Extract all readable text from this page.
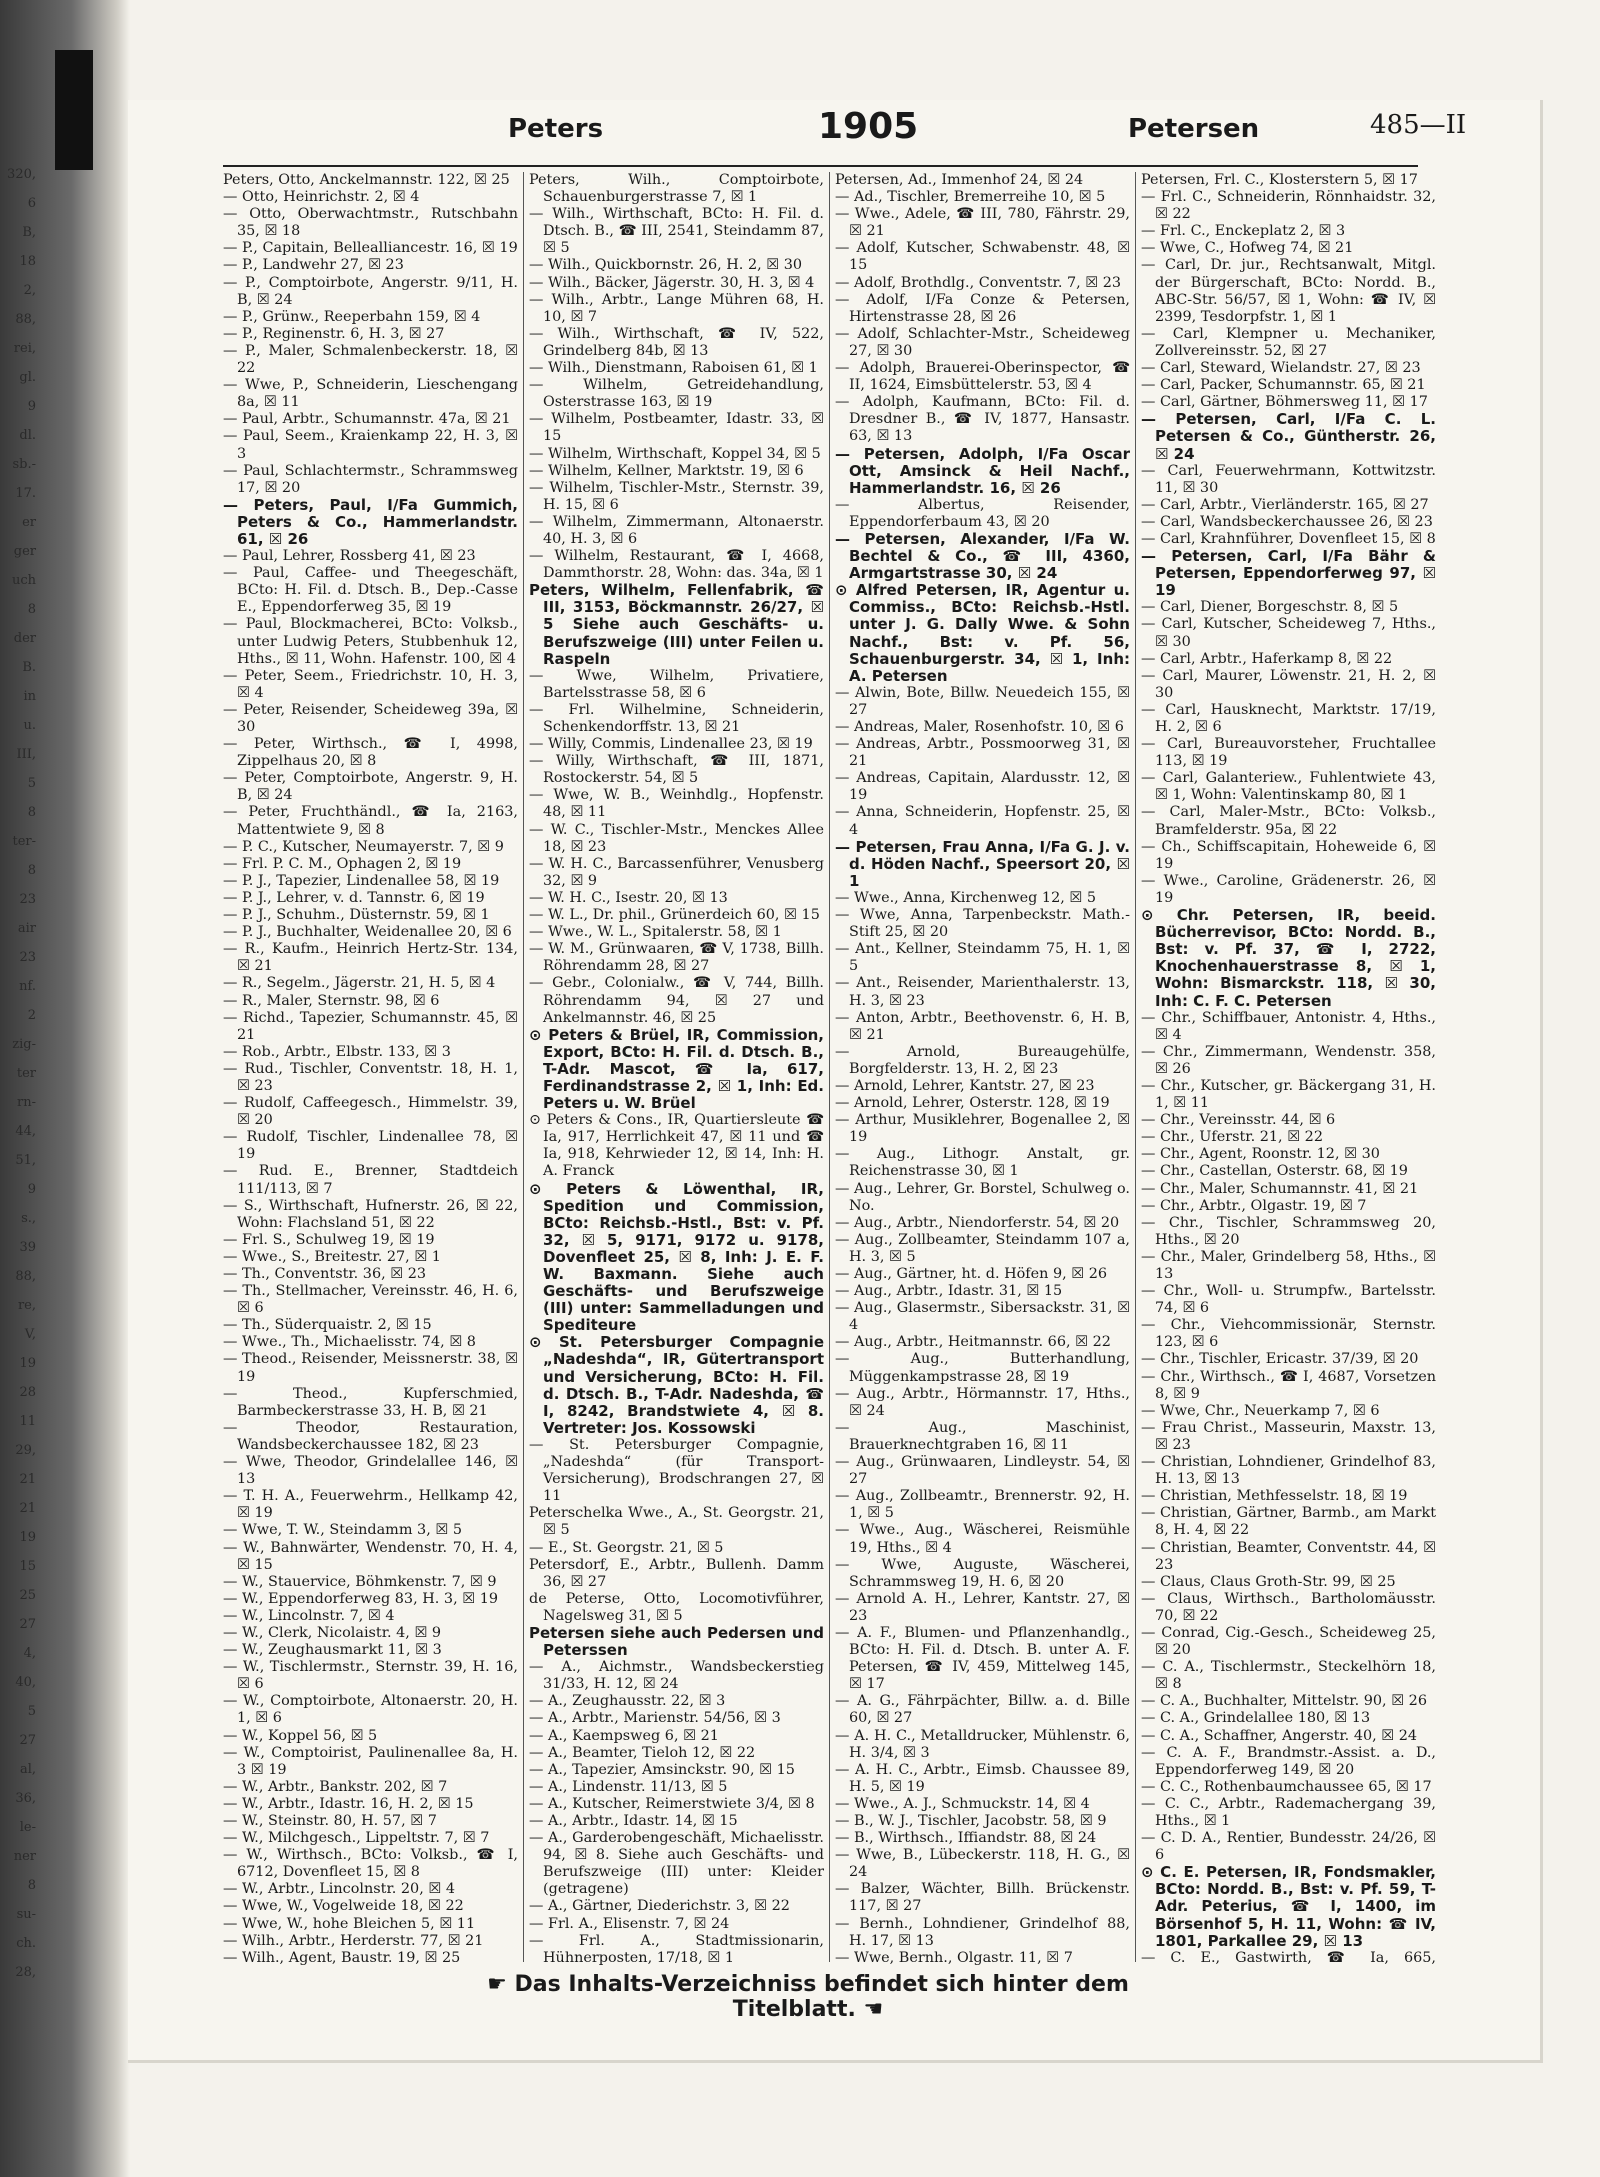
320,
6
B,
18
2,
88,
rei,
gl.
9
dl.
sb.-
17.
er
ger
uch
8
der
B.
in
u.
III,
5
8
ter-
8
23
air
23
nf.
2
zig-
ter
rn-
44,
51,
9
s.,
39
88,
re,
V,
19
28
11
29,
21
21
19
15
25
27
4,
40,
5
27
al,
36,
le-
ner
8
su-
ch.
28,
Peters	1905	Petersen	485—II

Peters, Otto, Anckelmannstr. 122, ☒ 25

— Otto, Heinrichstr. 2, ☒ 4

— Otto, Oberwachtmstr., Rutschbahn 35, ☒ 18

— P., Capitain, Bellealliancestr. 16, ☒ 19

— P., Landwehr 27, ☒ 23

— P., Comptoirbote, Angerstr. 9/11, H. B, ☒ 24

— P., Grünw., Reeperbahn 159, ☒ 4

— P., Reginenstr. 6, H. 3, ☒ 27

— P., Maler, Schmalenbeckerstr. 18, ☒ 22

— Wwe, P., Schneiderin, Lieschengang 8a, ☒ 11

— Paul, Arbtr., Schumannstr. 47a, ☒ 21

— Paul, Seem., Kraienkamp 22, H. 3, ☒ 3

— Paul, Schlachtermstr., Schrammsweg 17, ☒ 20

— Peters, Paul, I/Fa Gummich, Peters & Co., Hammerlandstr. 61, ☒ 26

— Paul, Lehrer, Rossberg 41, ☒ 23

— Paul, Caffee- und Theegeschäft, BCto: H. Fil. d. Dtsch. B., Dep.-Casse E., Eppendorferweg 35, ☒ 19

— Paul, Blockmacherei, BCto: Volksb., unter Ludwig Peters, Stubbenhuk 12, Hths., ☒ 11, Wohn. Hafenstr. 100, ☒ 4

— Peter, Seem., Friedrichstr. 10, H. 3, ☒ 4

— Peter, Reisender, Scheideweg 39a, ☒ 30

— Peter, Wirthsch., ☎ I, 4998, Zippelhaus 20, ☒ 8

— Peter, Comptoirbote, Angerstr. 9, H. B, ☒ 24

— Peter, Fruchthändl., ☎ Ia, 2163, Mattentwiete 9, ☒ 8

— P. C., Kutscher, Neumayerstr. 7, ☒ 9

— Frl. P. C. M., Ophagen 2, ☒ 19

— P. J., Tapezier, Lindenallee 58, ☒ 19

— P. J., Lehrer, v. d. Tannstr. 6, ☒ 19

— P. J., Schuhm., Düsternstr. 59, ☒ 1

— P. J., Buchhalter, Weidenallee 20, ☒ 6

— R., Kaufm., Heinrich Hertz-Str. 134, ☒ 21

— R., Segelm., Jägerstr. 21, H. 5, ☒ 4

— R., Maler, Sternstr. 98, ☒ 6

— Richd., Tapezier, Schumannstr. 45, ☒ 21

— Rob., Arbtr., Elbstr. 133, ☒ 3

— Rud., Tischler, Conventstr. 18, H. 1, ☒ 23

— Rudolf, Caffeegesch., Himmelstr. 39, ☒ 20

— Rudolf, Tischler, Lindenallee 78, ☒ 19

— Rud. E., Brenner, Stadtdeich 111/113, ☒ 7

— S., Wirthschaft, Hufnerstr. 26, ☒ 22, Wohn: Flachsland 51, ☒ 22

— Frl. S., Schulweg 19, ☒ 19

— Wwe., S., Breitestr. 27, ☒ 1

— Th., Conventstr. 36, ☒ 23

— Th., Stellmacher, Vereinsstr. 46, H. 6, ☒ 6

— Th., Süderquaistr. 2, ☒ 15

— Wwe., Th., Michaelisstr. 74, ☒ 8

— Theod., Reisender, Meissnerstr. 38, ☒ 19

— Theod., Kupferschmied, Barmbeckerstrasse 33, H. B, ☒ 21

— Theodor, Restauration, Wandsbeckerchaussee 182, ☒ 23

— Wwe, Theodor, Grindelallee 146, ☒ 13

— T. H. A., Feuerwehrm., Hellkamp 42, ☒ 19

— Wwe, T. W., Steindamm 3, ☒ 5

— W., Bahnwärter, Wendenstr. 70, H. 4, ☒ 15

— W., Stauervice, Böhmkenstr. 7, ☒ 9

— W., Eppendorferweg 83, H. 3, ☒ 19

— W., Lincolnstr. 7, ☒ 4

— W., Clerk, Nicolaistr. 4, ☒ 9

— W., Zeughausmarkt 11, ☒ 3

— W., Tischlermstr., Sternstr. 39, H. 16, ☒ 6

— W., Comptoirbote, Altonaerstr. 20, H. 1, ☒ 6

— W., Koppel 56, ☒ 5

— W., Comptoirist, Paulinenallee 8a, H. 3 ☒ 19

— W., Arbtr., Bankstr. 202, ☒ 7

— W., Arbtr., Idastr. 16, H. 2, ☒ 15

— W., Steinstr. 80, H. 57, ☒ 7

— W., Milchgesch., Lippeltstr. 7, ☒ 7

— W., Wirthsch., BCto: Volksb., ☎ I, 6712, Dovenfleet 15, ☒ 8

— W., Arbtr., Lincolnstr. 20, ☒ 4

— Wwe, W., Vogelweide 18, ☒ 22

— Wwe, W., hohe Bleichen 5, ☒ 11

— Wilh., Arbtr., Herderstr. 77, ☒ 21

— Wilh., Agent, Baustr. 19, ☒ 25

Peters, Wilh., Comptoirbote, Schauenburgerstrasse 7, ☒ 1

— Wilh., Wirthschaft, BCto: H. Fil. d. Dtsch. B., ☎ III, 2541, Steindamm 87, ☒ 5

— Wilh., Quickbornstr. 26, H. 2, ☒ 30

— Wilh., Bäcker, Jägerstr. 30, H. 3, ☒ 4

— Wilh., Arbtr., Lange Mühren 68, H. 10, ☒ 7

— Wilh., Wirthschaft, ☎ IV, 522, Grindelberg 84b, ☒ 13

— Wilh., Dienstmann, Raboisen 61, ☒ 1

— Wilhelm, Getreidehandlung, Osterstrasse 163, ☒ 19

— Wilhelm, Postbeamter, Idastr. 33, ☒ 15

— Wilhelm, Wirthschaft, Koppel 34, ☒ 5

— Wilhelm, Kellner, Marktstr. 19, ☒ 6

— Wilhelm, Tischler-Mstr., Sternstr. 39, H. 15, ☒ 6

— Wilhelm, Zimmermann, Altonaerstr. 40, H. 3, ☒ 6

— Wilhelm, Restaurant, ☎ I, 4668, Dammthorstr. 28, Wohn: das. 34a, ☒ 1

Peters, Wilhelm, Fellenfabrik, ☎ III, 3153, Böckmannstr. 26/27, ☒ 5 Siehe auch Geschäfts- u. Berufszweige (III) unter Feilen u. Raspeln

— Wwe, Wilhelm, Privatiere, Bartelsstrasse 58, ☒ 6

— Frl. Wilhelmine, Schneiderin, Schenkendorffstr. 13, ☒ 21

— Willy, Commis, Lindenallee 23, ☒ 19

— Willy, Wirthschaft, ☎ III, 1871, Rostockerstr. 54, ☒ 5

— Wwe, W. B., Weinhdlg., Hopfenstr. 48, ☒ 11

— W. C., Tischler-Mstr., Menckes Allee 18, ☒ 23

— W. H. C., Barcassenführer, Venusberg 32, ☒ 9

— W. H. C., Isestr. 20, ☒ 13

— W. L., Dr. phil., Grünerdeich 60, ☒ 15

— Wwe., W. L., Spitalerstr. 58, ☒ 1

— W. M., Grünwaaren, ☎ V, 1738, Billh. Röhrendamm 28, ☒ 27

— Gebr., Colonialw., ☎ V, 744, Billh. Röhrendamm 94, ☒ 27 und Ankelmannstr. 46, ☒ 25

⊙ Peters & Brüel, IR, Commission, Export, BCto: H. Fil. d. Dtsch. B., T-Adr. Mascot, ☎ Ia, 617, Ferdinandstrasse 2, ☒ 1, Inh: Ed. Peters u. W. Brüel

⊙ Peters & Cons., IR, Quartiersleute ☎ Ia, 917, Herrlichkeit 47, ☒ 11 und ☎ Ia, 918, Kehrwieder 12, ☒ 14, Inh: H. A. Franck

⊙ Peters & Löwenthal, IR, Spedition und Commission, BCto: Reichsb.-Hstl., Bst: v. Pf. 32, ☒ 5, 9171, 9172 u. 9178, Dovenfleet 25, ☒ 8, Inh: J. E. F. W. Baxmann. Siehe auch Geschäfts- und Berufszweige (III) unter: Sammelladungen und Spediteure

⊙ St. Petersburger Compagnie „Nadeshda“, IR, Gütertransport und Versicherung, BCto: H. Fil. d. Dtsch. B., T-Adr. Nadeshda, ☎ I, 8242, Brandstwiete 4, ☒ 8. Vertreter: Jos. Kossowski

— St. Petersburger Compagnie, „Nadeshda“ (für Transport-Versicherung), Brodschrangen 27, ☒ 11

Peterschelka Wwe., A., St. Georgstr. 21, ☒ 5

— E., St. Georgstr. 21, ☒ 5

Petersdorf, E., Arbtr., Bullenh. Damm 36, ☒ 27

de Peterse, Otto, Locomotivführer, Nagelsweg 31, ☒ 5

Petersen siehe auch Pedersen und Peterssen

— A., Aichmstr., Wandsbeckerstieg 31/33, H. 12, ☒ 24

— A., Zeughausstr. 22, ☒ 3

— A., Arbtr., Marienstr. 54/56, ☒ 3

— A., Kaempsweg 6, ☒ 21

— A., Beamter, Tieloh 12, ☒ 22

— A., Tapezier, Amsinckstr. 90, ☒ 15

— A., Lindenstr. 11/13, ☒ 5

— A., Kutscher, Reimerstwiete 3/4, ☒ 8

— A., Arbtr., Idastr. 14, ☒ 15

— A., Garderobengeschäft, Michaelisstr. 94, ☒ 8. Siehe auch Geschäfts- und Berufszweige (III) unter: Kleider (getragene)

— A., Gärtner, Diederichstr. 3, ☒ 22

— Frl. A., Elisenstr. 7, ☒ 24

— Frl. A., Stadtmissionarin, Hühnerposten, 17/18, ☒ 1

Petersen, Ad., Immenhof 24, ☒ 24

— Ad., Tischler, Bremerreihe 10, ☒ 5

— Wwe., Adele, ☎ III, 780, Fährstr. 29, ☒ 21

— Adolf, Kutscher, Schwabenstr. 48, ☒ 15

— Adolf, Brothdlg., Conventstr. 7, ☒ 23

— Adolf, I/Fa Conze & Petersen, Hirtenstrasse 28, ☒ 26

— Adolf, Schlachter-Mstr., Scheideweg 27, ☒ 30

— Adolph, Brauerei-Oberinspector, ☎ II, 1624, Eimsbüttelerstr. 53, ☒ 4

— Adolph, Kaufmann, BCto: Fil. d. Dresdner B., ☎ IV, 1877, Hansastr. 63, ☒ 13

— Petersen, Adolph, I/Fa Oscar Ott, Amsinck & Heil Nachf., Hammerlandstr. 16, ☒ 26

— Albertus, Reisender, Eppendorferbaum 43, ☒ 20

— Petersen, Alexander, I/Fa W. Bechtel & Co., ☎ III, 4360, Armgartstrasse 30, ☒ 24

⊙ Alfred Petersen, IR, Agentur u. Commiss., BCto: Reichsb.-Hstl. unter J. G. Dally Wwe. & Sohn Nachf., Bst: v. Pf. 56, Schauenburgerstr. 34, ☒ 1, Inh: A. Petersen

— Alwin, Bote, Billw. Neuedeich 155, ☒ 27

— Andreas, Maler, Rosenhofstr. 10, ☒ 6

— Andreas, Arbtr., Possmoorweg 31, ☒ 21

— Andreas, Capitain, Alardusstr. 12, ☒ 19

— Anna, Schneiderin, Hopfenstr. 25, ☒ 4

— Petersen, Frau Anna, I/Fa G. J. v. d. Höden Nachf., Speersort 20, ☒ 1

— Wwe., Anna, Kirchenweg 12, ☒ 5

— Wwe, Anna, Tarpenbeckstr. Math.-Stift 25, ☒ 20

— Ant., Kellner, Steindamm 75, H. 1, ☒ 5

— Ant., Reisender, Marienthalerstr. 13, H. 3, ☒ 23

— Anton, Arbtr., Beethovenstr. 6, H. B, ☒ 21

— Arnold, Bureaugehülfe, Borgfelderstr. 13, H. 2, ☒ 23

— Arnold, Lehrer, Kantstr. 27, ☒ 23

— Arnold, Lehrer, Osterstr. 128, ☒ 19

— Arthur, Musiklehrer, Bogenallee 2, ☒ 19

— Aug., Lithogr. Anstalt, gr. Reichenstrasse 30, ☒ 1

— Aug., Lehrer, Gr. Borstel, Schulweg o. No.

— Aug., Arbtr., Niendorferstr. 54, ☒ 20

— Aug., Zollbeamter, Steindamm 107 a, H. 3, ☒ 5

— Aug., Gärtner, ht. d. Höfen 9, ☒ 26

— Aug., Arbtr., Idastr. 31, ☒ 15

— Aug., Glasermstr., Sibersackstr. 31, ☒ 4

— Aug., Arbtr., Heitmannstr. 66, ☒ 22

— Aug., Butterhandlung, Müggenkampstrasse 28, ☒ 19

— Aug., Arbtr., Hörmannstr. 17, Hths., ☒ 24

— Aug., Maschinist, Brauerknechtgraben 16, ☒ 11

— Aug., Grünwaaren, Lindleystr. 54, ☒ 27

— Aug., Zollbeamtr., Brennerstr. 92, H. 1, ☒ 5

— Wwe., Aug., Wäscherei, Reismühle 19, Hths., ☒ 4

— Wwe, Auguste, Wäscherei, Schrammsweg 19, H. 6, ☒ 20

— Arnold A. H., Lehrer, Kantstr. 27, ☒ 23

— A. F., Blumen- und Pflanzenhandlg., BCto: H. Fil. d. Dtsch. B. unter A. F. Petersen, ☎ IV, 459, Mittelweg 145, ☒ 17

— A. G., Fährpächter, Billw. a. d. Bille 60, ☒ 27

— A. H. C., Metalldrucker, Mühlenstr. 6, H. 3/4, ☒ 3

— A. H. C., Arbtr., Eimsb. Chaussee 89, H. 5, ☒ 19

— Wwe., A. J., Schmuckstr. 14, ☒ 4

— B., W. J., Tischler, Jacobstr. 58, ☒ 9

— B., Wirthsch., Iffiandstr. 88, ☒ 24

— Wwe, B., Lübeckerstr. 118, H. G., ☒ 24

— Balzer, Wächter, Billh. Brückenstr. 117, ☒ 27

— Bernh., Lohndiener, Grindelhof 88, H. 17, ☒ 13

— Wwe, Bernh., Olgastr. 11, ☒ 7

Petersen, Frl. C., Klosterstern 5, ☒ 17

— Frl. C., Schneiderin, Rönnhaidstr. 32, ☒ 22

— Frl. C., Enckeplatz 2, ☒ 3

— Wwe, C., Hofweg 74, ☒ 21

— Carl, Dr. jur., Rechtsanwalt, Mitgl. der Bürgerschaft, BCto: Nordd. B., ABC-Str. 56/57, ☒ 1, Wohn: ☎ IV, ☒ 2399, Tesdorpfstr. 1, ☒ 1

— Carl, Klempner u. Mechaniker, Zollvereinsstr. 52, ☒ 27

— Carl, Steward, Wielandstr. 27, ☒ 23

— Carl, Packer, Schumannstr. 65, ☒ 21

— Carl, Gärtner, Böhmersweg 11, ☒ 17

— Petersen, Carl, I/Fa C. L. Petersen & Co., Güntherstr. 26, ☒ 24

— Carl, Feuerwehrmann, Kottwitzstr. 11, ☒ 30

— Carl, Arbtr., Vierländerstr. 165, ☒ 27

— Carl, Wandsbeckerchaussee 26, ☒ 23

— Carl, Krahnführer, Dovenfleet 15, ☒ 8

— Petersen, Carl, I/Fa Bähr & Petersen, Eppendorferweg 97, ☒ 19

— Carl, Diener, Borgeschstr. 8, ☒ 5

— Carl, Kutscher, Scheideweg 7, Hths., ☒ 30

— Carl, Arbtr., Haferkamp 8, ☒ 22

— Carl, Maurer, Löwenstr. 21, H. 2, ☒ 30

— Carl, Hausknecht, Marktstr. 17/19, H. 2, ☒ 6

— Carl, Bureauvorsteher, Fruchtallee 113, ☒ 19

— Carl, Galanteriew., Fuhlentwiete 43, ☒ 1, Wohn: Valentinskamp 80, ☒ 1

— Carl, Maler-Mstr., BCto: Volksb., Bramfelderstr. 95a, ☒ 22

— Ch., Schiffscapitain, Hoheweide 6, ☒ 19

— Wwe., Caroline, Grädenerstr. 26, ☒ 19

⊙ Chr. Petersen, IR, beeid. Bücherrevisor, BCto: Nordd. B., Bst: v. Pf. 37, ☎ I, 2722, Knochenhauerstrasse 8, ☒ 1, Wohn: Bismarckstr. 118, ☒ 30, Inh: C. F. C. Petersen

— Chr., Schiffbauer, Antonistr. 4, Hths., ☒ 4

— Chr., Zimmermann, Wendenstr. 358, ☒ 26

— Chr., Kutscher, gr. Bäckergang 31, H. 1, ☒ 11

— Chr., Vereinsstr. 44, ☒ 6

— Chr., Uferstr. 21, ☒ 22

— Chr., Agent, Roonstr. 12, ☒ 30

— Chr., Castellan, Osterstr. 68, ☒ 19

— Chr., Maler, Schumannstr. 41, ☒ 21

— Chr., Arbtr., Olgastr. 19, ☒ 7

— Chr., Tischler, Schrammsweg 20, Hths., ☒ 20

— Chr., Maler, Grindelberg 58, Hths., ☒ 13

— Chr., Woll- u. Strumpfw., Bartelsstr. 74, ☒ 6

— Chr., Viehcommissionär, Sternstr. 123, ☒ 6

— Chr., Tischler, Ericastr. 37/39, ☒ 20

— Chr., Wirthsch., ☎ I, 4687, Vorsetzen 8, ☒ 9

— Wwe, Chr., Neuerkamp 7, ☒ 6

— Frau Christ., Masseurin, Maxstr. 13, ☒ 23

— Christian, Lohndiener, Grindelhof 83, H. 13, ☒ 13

— Christian, Methfesselstr. 18, ☒ 19

— Christian, Gärtner, Barmb., am Markt 8, H. 4, ☒ 22

— Christian, Beamter, Conventstr. 44, ☒ 23

— Claus, Claus Groth-Str. 99, ☒ 25

— Claus, Wirthsch., Bartholomäusstr. 70, ☒ 22

— Conrad, Cig.-Gesch., Scheideweg 25, ☒ 20

— C. A., Tischlermstr., Steckelhörn 18, ☒ 8

— C. A., Buchhalter, Mittelstr. 90, ☒ 26

— C. A., Grindelallee 180, ☒ 13

— C. A., Schaffner, Angerstr. 40, ☒ 24

— C. A. F., Brandmstr.-Assist. a. D., Eppendorferweg 149, ☒ 20

— C. C., Rothenbaumchaussee 65, ☒ 17

— C. C., Arbtr., Rademachergang 39, Hths., ☒ 1

— C. D. A., Rentier, Bundesstr. 24/26, ☒ 6

⊙ C. E. Petersen, IR, Fondsmakler, BCto: Nordd. B., Bst: v. Pf. 59, T-Adr. Peterius, ☎ I, 1400, im Börsenhof 5, H. 11, Wohn: ☎ IV, 1801, Parkallee 29, ☒ 13

— C. E., Gastwirth, ☎ Ia, 665,

☛ Das Inhalts-Verzeichniss befindet sich hinter dem Titelblatt. ☚
